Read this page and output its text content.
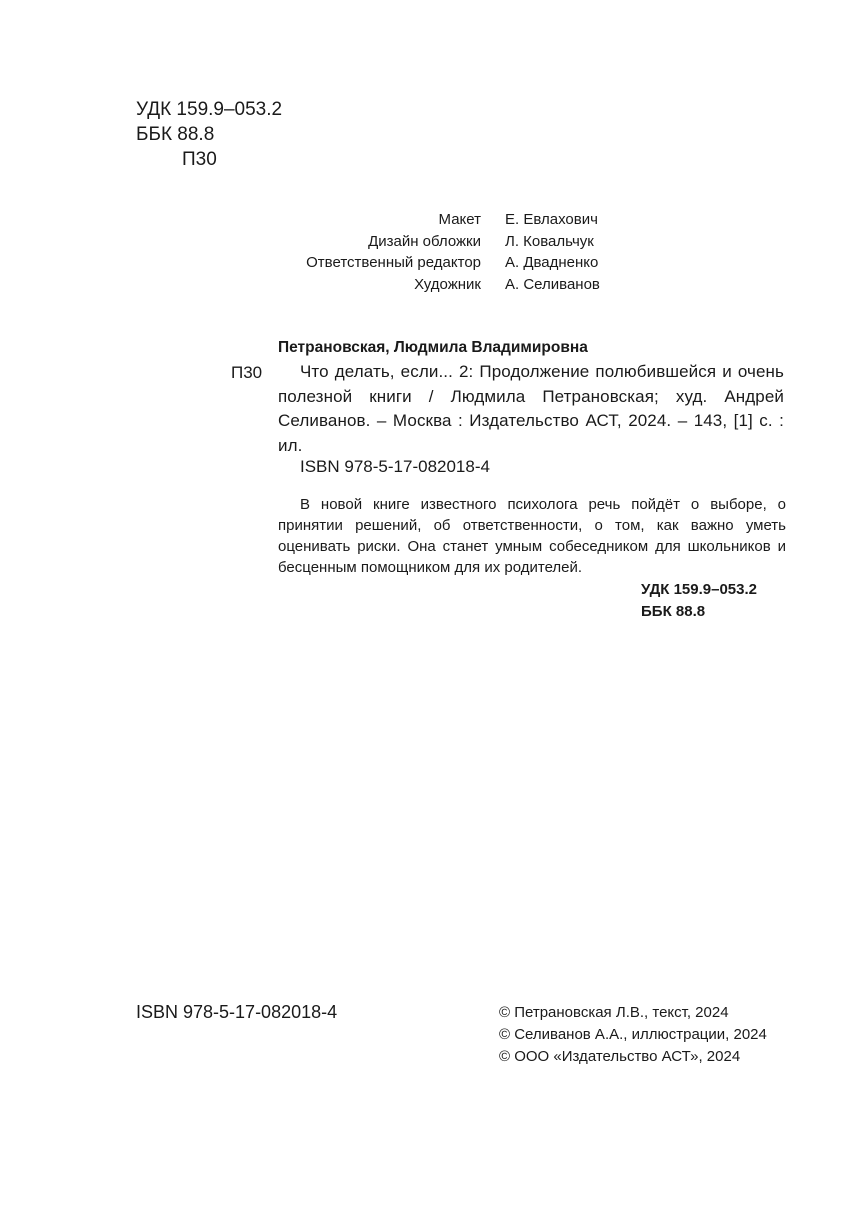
УДК 159.9–053.2
ББК 88.8
П30
Макет	Е. Евлахович
Дизайн обложки	Л. Ковальчук
Ответственный редактор	А. Двадненко
Художник	А. Селиванов
Петрановская, Людмила Владимировна
П30	Что делать, если... 2: Продолжение полюбившейся и очень полезной книги / Людмила Петрановская; худ. Андрей Селиванов. – Москва : Издательство АСТ, 2024. – 143, [1] с. : ил.
ISBN 978-5-17-082018-4
В новой книге известного психолога речь пойдёт о выборе, о принятии решений, об ответственности, о том, как важно уметь оценивать риски. Она станет умным собеседником для школьников и бесценным помощником для их родителей.
УДК 159.9–053.2
ББК 88.8
ISBN 978-5-17-082018-4	© Петрановская Л.В., текст, 2024
© Селиванов А.А., иллюстрации, 2024
© ООО «Издательство АСТ», 2024
